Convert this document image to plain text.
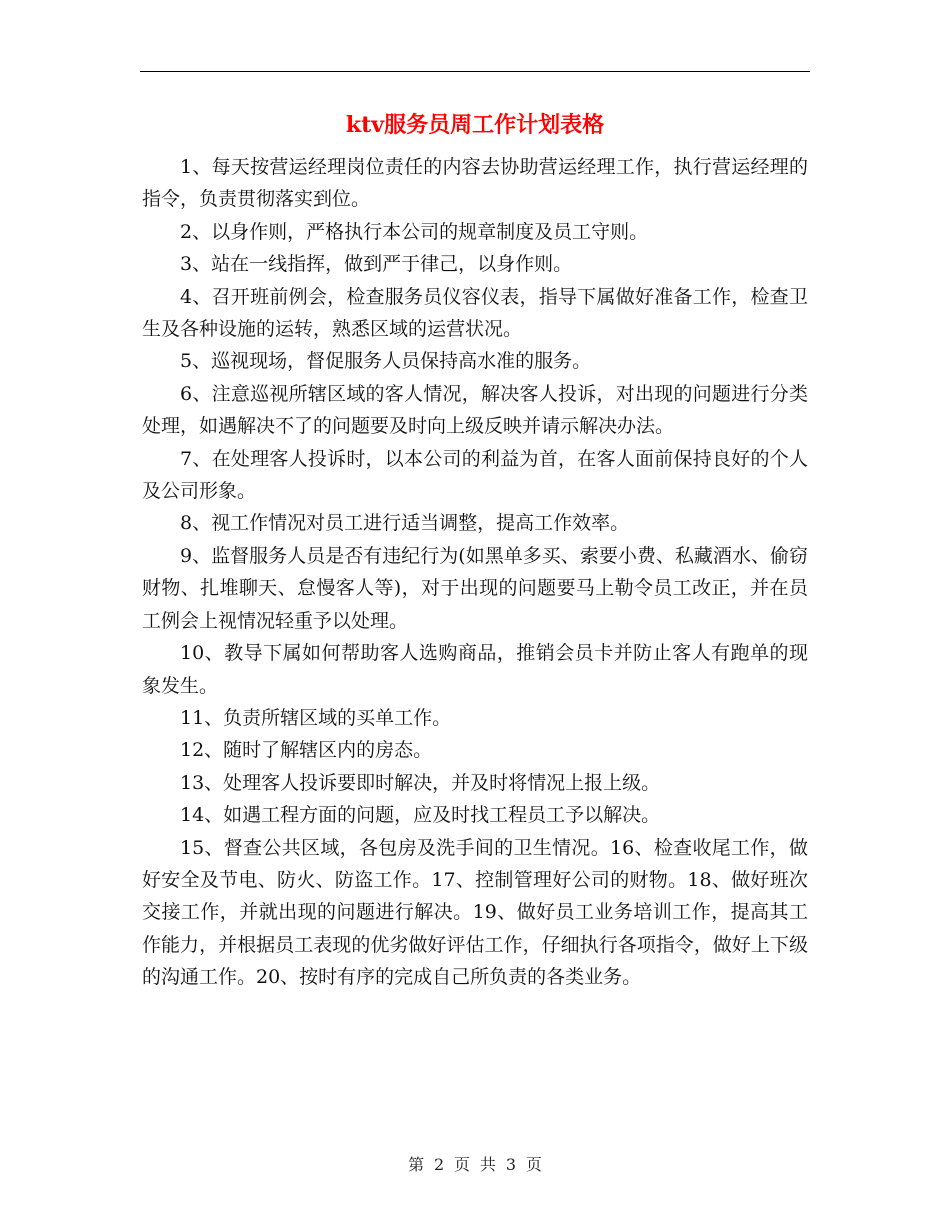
ktv服务员周工作计划表格

1、每天按营运经理岗位责任的内容去协助营运经理工作，执行营运经理的指令，负责贯彻落实到位。

2、以身作则，严格执行本公司的规章制度及员工守则。

3、站在一线指挥，做到严于律己，以身作则。

4、召开班前例会，检查服务员仪容仪表，指导下属做好准备工作，检查卫生及各种设施的运转，熟悉区域的运营状况。

5、巡视现场，督促服务人员保持高水准的服务。

6、注意巡视所辖区域的客人情况，解决客人投诉，对出现的问题进行分类处理，如遇解决不了的问题要及时向上级反映并请示解决办法。

7、在处理客人投诉时，以本公司的利益为首，在客人面前保持良好的个人及公司形象。

8、视工作情况对员工进行适当调整，提高工作效率。

9、监督服务人员是否有违纪行为(如黑单多买、索要小费、私藏酒水、偷窃财物、扎堆聊天、怠慢客人等)，对于出现的问题要马上勒令员工改正，并在员工例会上视情况轻重予以处理。

10、教导下属如何帮助客人选购商品，推销会员卡并防止客人有跑单的现象发生。

11、负责所辖区域的买单工作。

12、随时了解辖区内的房态。

13、处理客人投诉要即时解决，并及时将情况上报上级。

14、如遇工程方面的问题，应及时找工程员工予以解决。

15、督查公共区域，各包房及洗手间的卫生情况。16、检查收尾工作，做好安全及节电、防火、防盗工作。17、控制管理好公司的财物。18、做好班次交接工作，并就出现的问题进行解决。19、做好员工业务培训工作，提高其工作能力，并根据员工表现的优劣做好评估工作，仔细执行各项指令，做好上下级的沟通工作。20、按时有序的完成自己所负责的各类业务。

第 2 页 共 3 页
